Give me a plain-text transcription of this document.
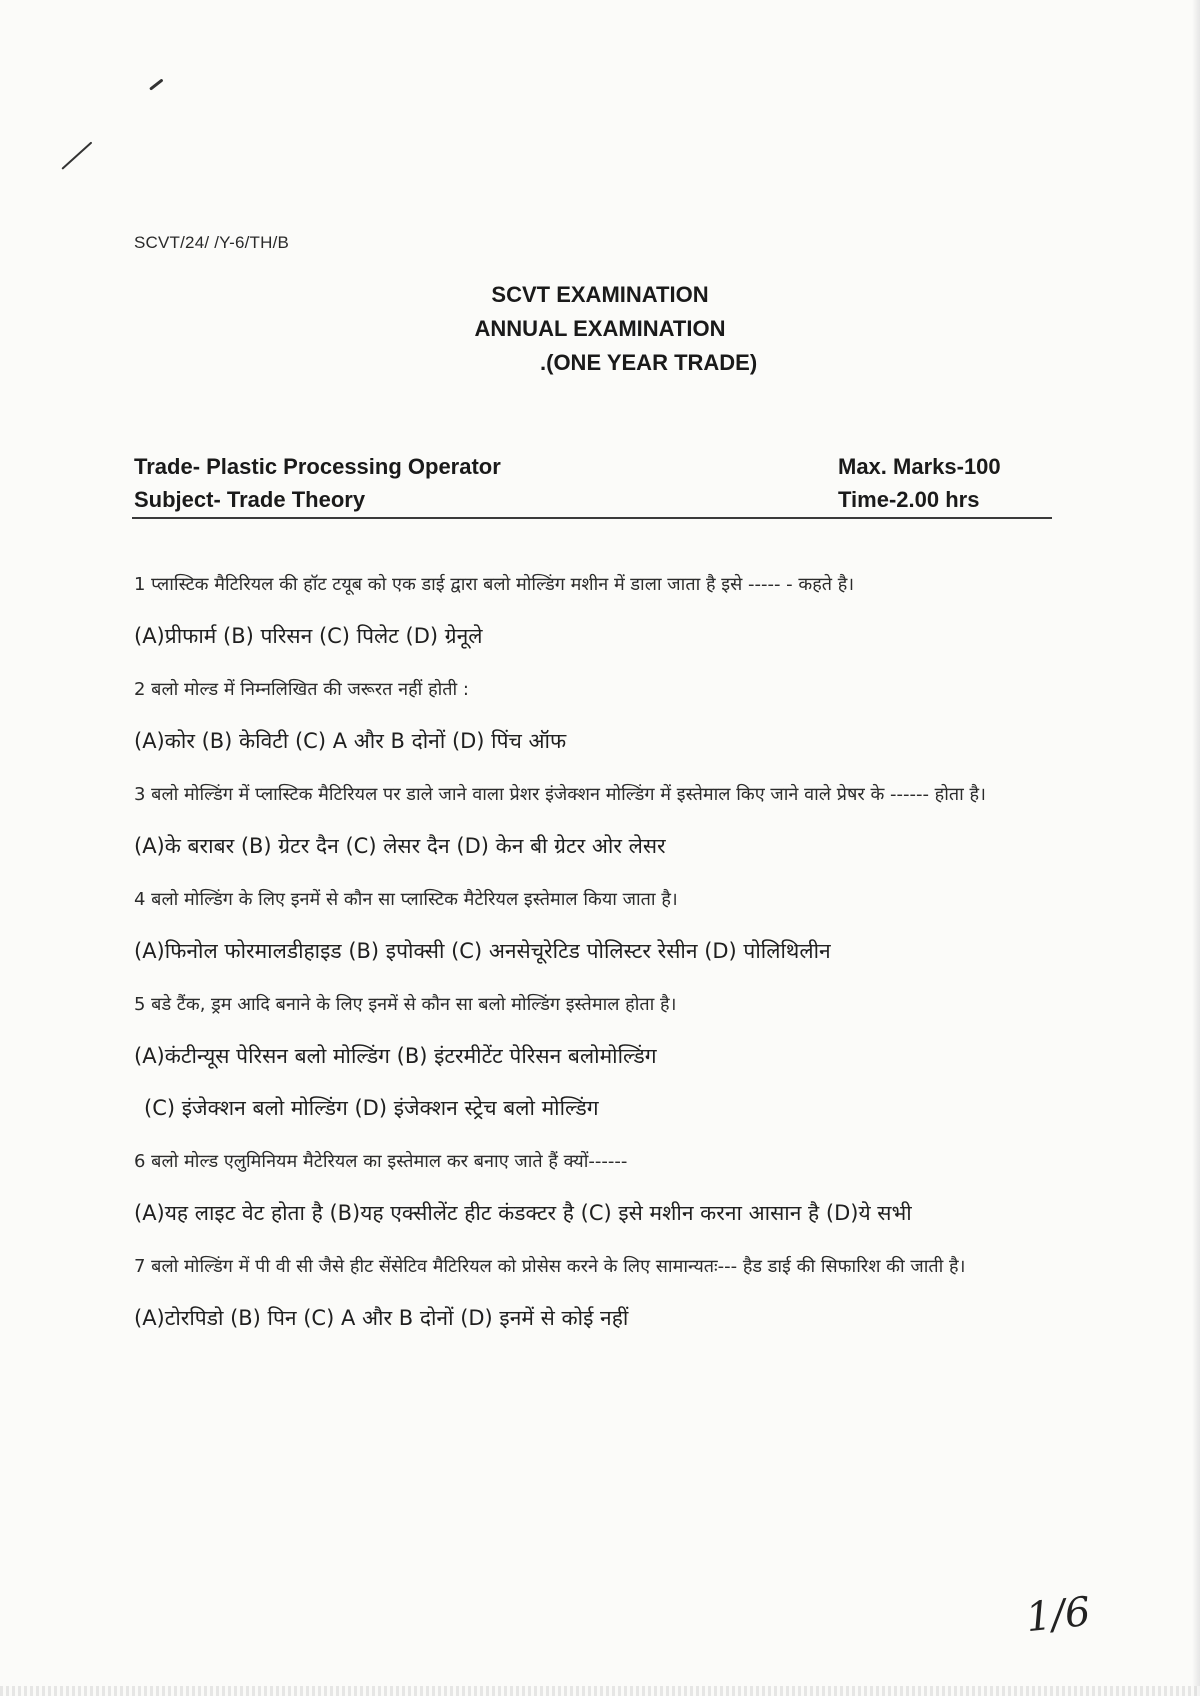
SCVT/24/ /Y-6/TH/B
SCVT EXAMINATION
ANNUAL EXAMINATION
.(ONE YEAR TRADE)
Trade- Plastic Processing Operator
Subject- Trade Theory
Max. Marks-100
Time-2.00 hrs

1 प्लास्टिक मैटिरियल की हॉट टयूब को एक डाई द्वारा बलो मोल्डिंग मशीन में डाला जाता है इसे ----- - कहते है।

(A)प्रीफार्म (B) परिसन (C) पिलेट (D) ग्रेनूले

2 बलो मोल्ड में निम्नलिखित की जरूरत नहीं होती :

(A)कोर (B) केविटी (C) A और B दोनों (D) पिंच ऑफ

3 बलो मोल्डिंग में प्लास्टिक मैटिरियल पर डाले जाने वाला प्रेशर इंजेक्शन मोल्डिंग में इस्तेमाल किए जाने वाले प्रेषर के ------ होता है।

(A)के बराबर (B) ग्रेटर दैन (C) लेसर दैन (D) केन बी ग्रेटर ओर लेसर

4 बलो मोल्डिंग के लिए इनमें से कौन सा प्लास्टिक मैटेरियल इस्तेमाल किया जाता है।

(A)फिनोल फोरमालडीहाइड (B) इपोक्सी (C) अनसेचूरेटिड पोलिस्टर रेसीन (D) पोलिथिलीन

5 बडे टैंक, ड्रम आदि बनाने के लिए इनमें से कौन सा बलो मोल्डिंग इस्तेमाल होता है।

(A)कंटीन्यूस पेरिसन बलो मोल्डिंग (B) इंटरमीटेंट पेरिसन बलोमोल्डिंग

(C) इंजेक्शन बलो मोल्डिंग (D) इंजेक्शन स्ट्रेच बलो मोल्डिंग

6 बलो मोल्ड एलुमिनियम मैटेरियल का इस्तेमाल कर बनाए जाते हैं क्यों------

(A)यह लाइट वेट होता है (B)यह एक्सीलेंट हीट कंडक्टर है (C) इसे मशीन करना आसान है (D)ये सभी

7 बलो मोल्डिंग में पी वी सी जैसे हीट सेंसेटिव मैटिरियल को प्रोसेस करने के लिए सामान्यतः--- हैड डाई की सिफारिश की जाती है।

(A)टोरपिडो (B) पिन (C) A और B दोनों (D) इनमें से कोई नहीं

1/6
